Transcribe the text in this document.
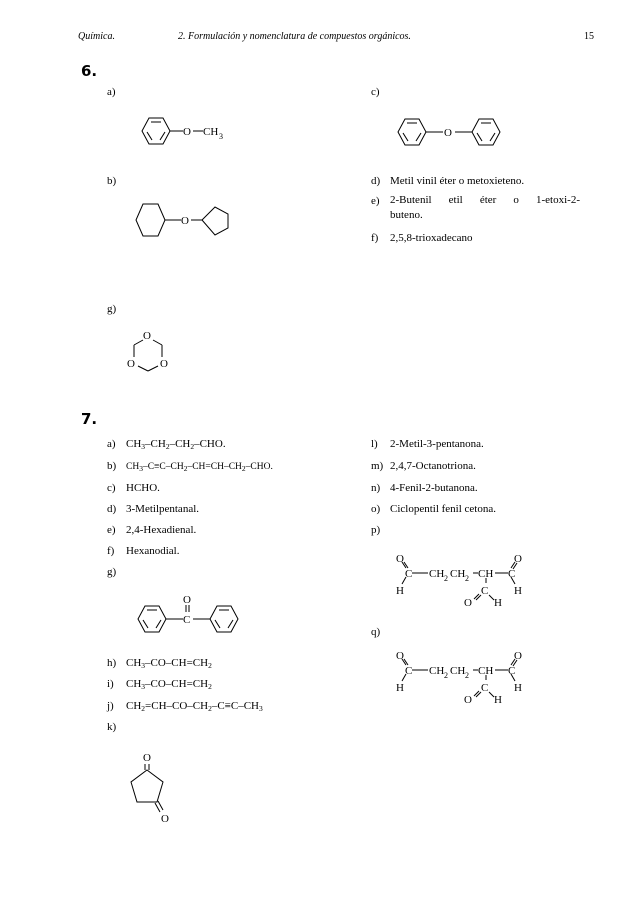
Química.	2. Formulación y nomenclatura de compuestos orgánicos.	15
6.
a)	c)
O CH 3	O
b)	d) Metil vinil éter o metoxieteno.
e) 2-Butenil etil éter o 1-etoxi-2-
buteno.
f) 2,5,8-trioxadecano
O
g)
O
O O
7.
a) $CH_3-CH_2-CH_2$–CHO.
b) $CH_3-C\equiv C-CH_2-CH=CH-CH_2$–CHO.
c) HCHO.
d) 3-Metilpentanal.
e) 2,4-Hexadienal.
f) Hexanodial.
g)
O
C
h) $CH_3-CO-CH=CH_2$
i) $CH_3-CO-CH=CH_2$
j) $CH_2=CH-CO-CH_2-C\equiv C-CH_3$
k)
O
O
l) 2-Metil-3-pentanona.
m) 2,4,7-Octanotriona.
n) 4-Fenil-2-butanona.
o) Ciclopentil fenil cetona.
p)
O
C
H
CH 2 CH 2 CH C
O
H
C
O H
q)
O
C
H
CH 2 CH 2 CH C
O
H
C
O H
